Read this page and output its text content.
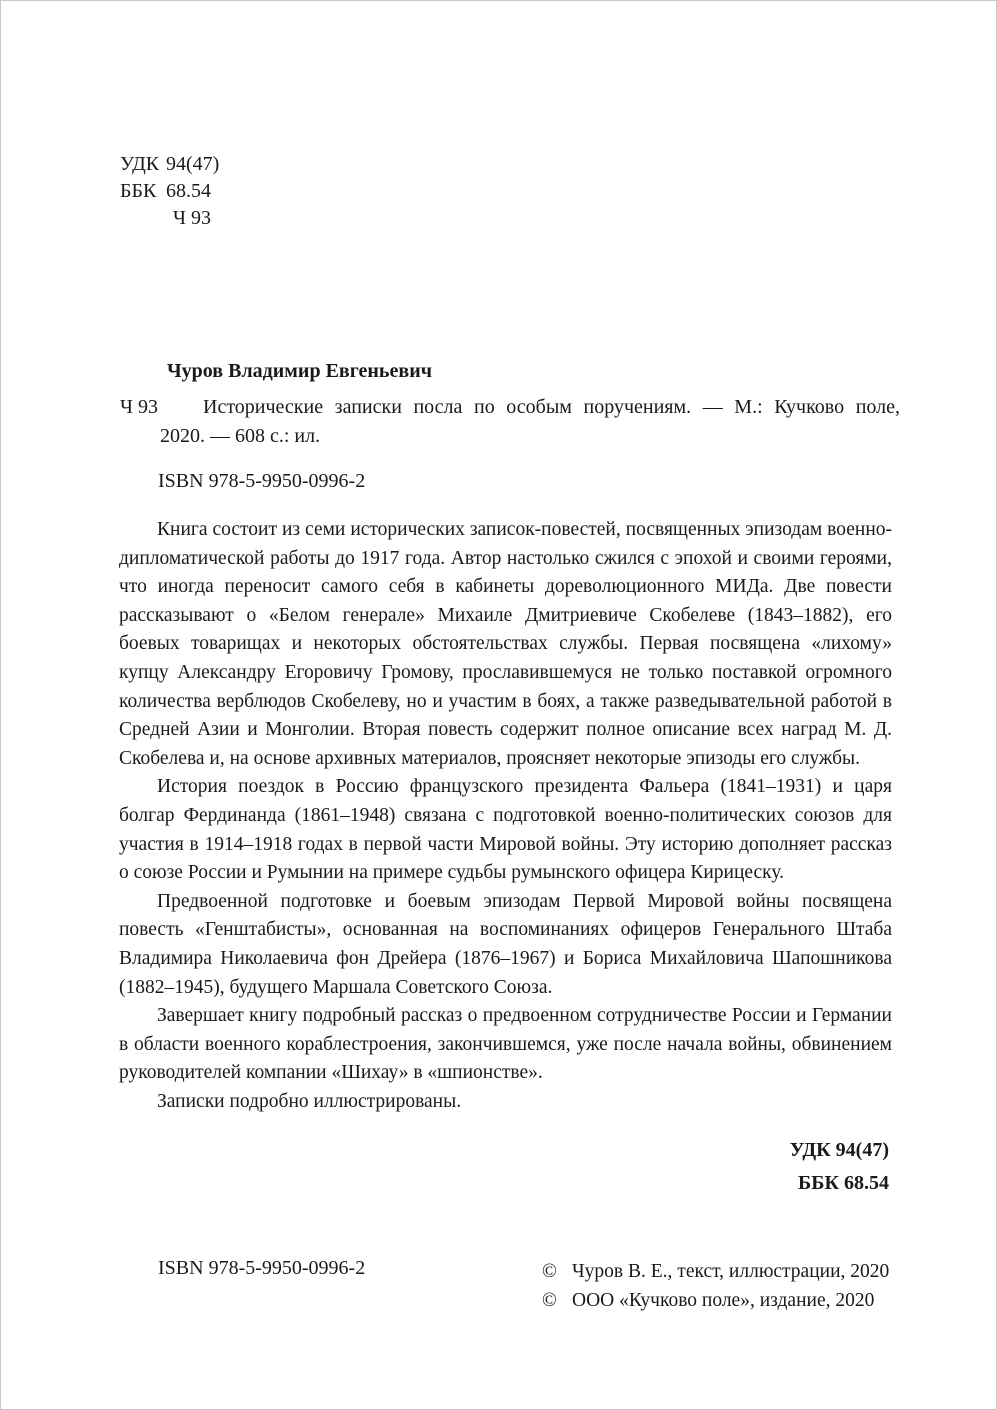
УДК 94(47)
ББК 68.54
Ч 93
Чуров Владимир Евгеньевич
Ч 93	Исторические записки посла по особым поручениям. — М.: Кучково поле,
2020. — 608 с.: ил.
ISBN 978-5-9950-0996-2

Книга состоит из семи исторических записок-повестей, посвященных эпизодам военно-дипломатической работы до 1917 года. Автор настолько сжился с эпохой и своими героями, что иногда переносит самого себя в кабинеты дореволюционного МИДа. Две повести рассказывают о «Белом генерале» Михаиле Дмитриевиче Скобелеве (1843–1882), его боевых товарищах и некоторых обстоятельствах службы. Первая посвящена «лихому» купцу Александру Егоровичу Громову, прославившемуся не только поставкой огромного количества верблюдов Скобелеву, но и участим в боях, а также разведывательной работой в Средней Азии и Монголии. Вторая повесть содержит полное описание всех наград М. Д. Скобелева и, на основе архивных материалов, проясняет некоторые эпизоды его службы.

История поездок в Россию французского президента Фальера (1841–1931) и царя болгар Фердинанда (1861–1948) связана с подготовкой военно-политических союзов для участия в 1914–1918 годах в первой части Мировой войны. Эту историю дополняет рассказ о союзе России и Румынии на примере судьбы румынского офицера Кирицеску.

Предвоенной подготовке и боевым эпизодам Первой Мировой войны посвящена повесть «Генштабисты», основанная на воспоминаниях офицеров Генерального Штаба Владимира Николаевича фон Дрейера (1876–1967) и Бориса Михайловича Шапошникова (1882–1945), будущего Маршала Советского Союза.

Завершает книгу подробный рассказ о предвоенном сотрудничестве России и Германии в области военного кораблестроения, закончившемся, уже после начала войны, обвинением руководителей компании «Шихау» в «шпионстве».

Записки подробно иллюстрированы.

УДК 94(47)
ББК 68.54
ISBN 978-5-9950-0996-2	© Чуров В. Е., текст, иллюстрации, 2020
© ООО «Кучково поле», издание, 2020
